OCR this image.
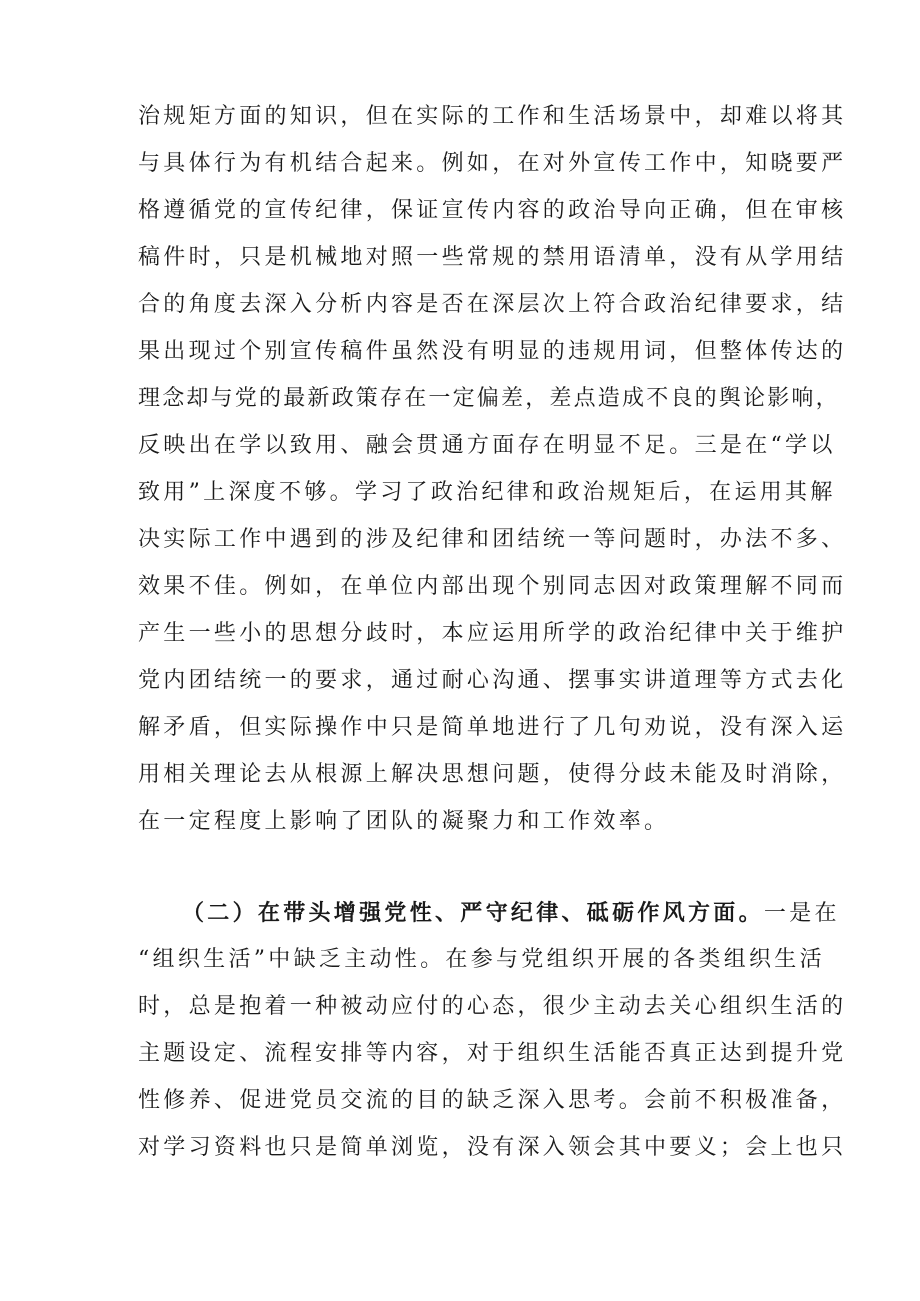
治规矩方面的知识，但在实际的工作和生活场景中，却难以将其
与具体行为有机结合起来。例如，在对外宣传工作中，知晓要严
格遵循党的宣传纪律，保证宣传内容的政治导向正确，但在审核
稿件时，只是机械地对照一些常规的禁用语清单，没有从学用结
合的角度去深入分析内容是否在深层次上符合政治纪律要求，结
果出现过个别宣传稿件虽然没有明显的违规用词，但整体传达的
理念却与党的最新政策存在一定偏差，差点造成不良的舆论影响，
反映出在学以致用、融会贯通方面存在明显不足。三是在“学以
致用”上深度不够。学习了政治纪律和政治规矩后，在运用其解
决实际工作中遇到的涉及纪律和团结统一等问题时，办法不多、
效果不佳。例如，在单位内部出现个别同志因对政策理解不同而
产生一些小的思想分歧时，本应运用所学的政治纪律中关于维护
党内团结统一的要求，通过耐心沟通、摆事实讲道理等方式去化
解矛盾，但实际操作中只是简单地进行了几句劝说，没有深入运
用相关理论去从根源上解决思想问题，使得分歧未能及时消除，
在一定程度上影响了团队的凝聚力和工作效率。
（二）在带头增强党性、严守纪律、砥砺作风方面。一是在
“组织生活”中缺乏主动性。在参与党组织开展的各类组织生活
时，总是抱着一种被动应付的心态，很少主动去关心组织生活的
主题设定、流程安排等内容，对于组织生活能否真正达到提升党
性修养、促进党员交流的目的缺乏深入思考。会前不积极准备，
对学习资料也只是简单浏览，没有深入领会其中要义；会上也只
